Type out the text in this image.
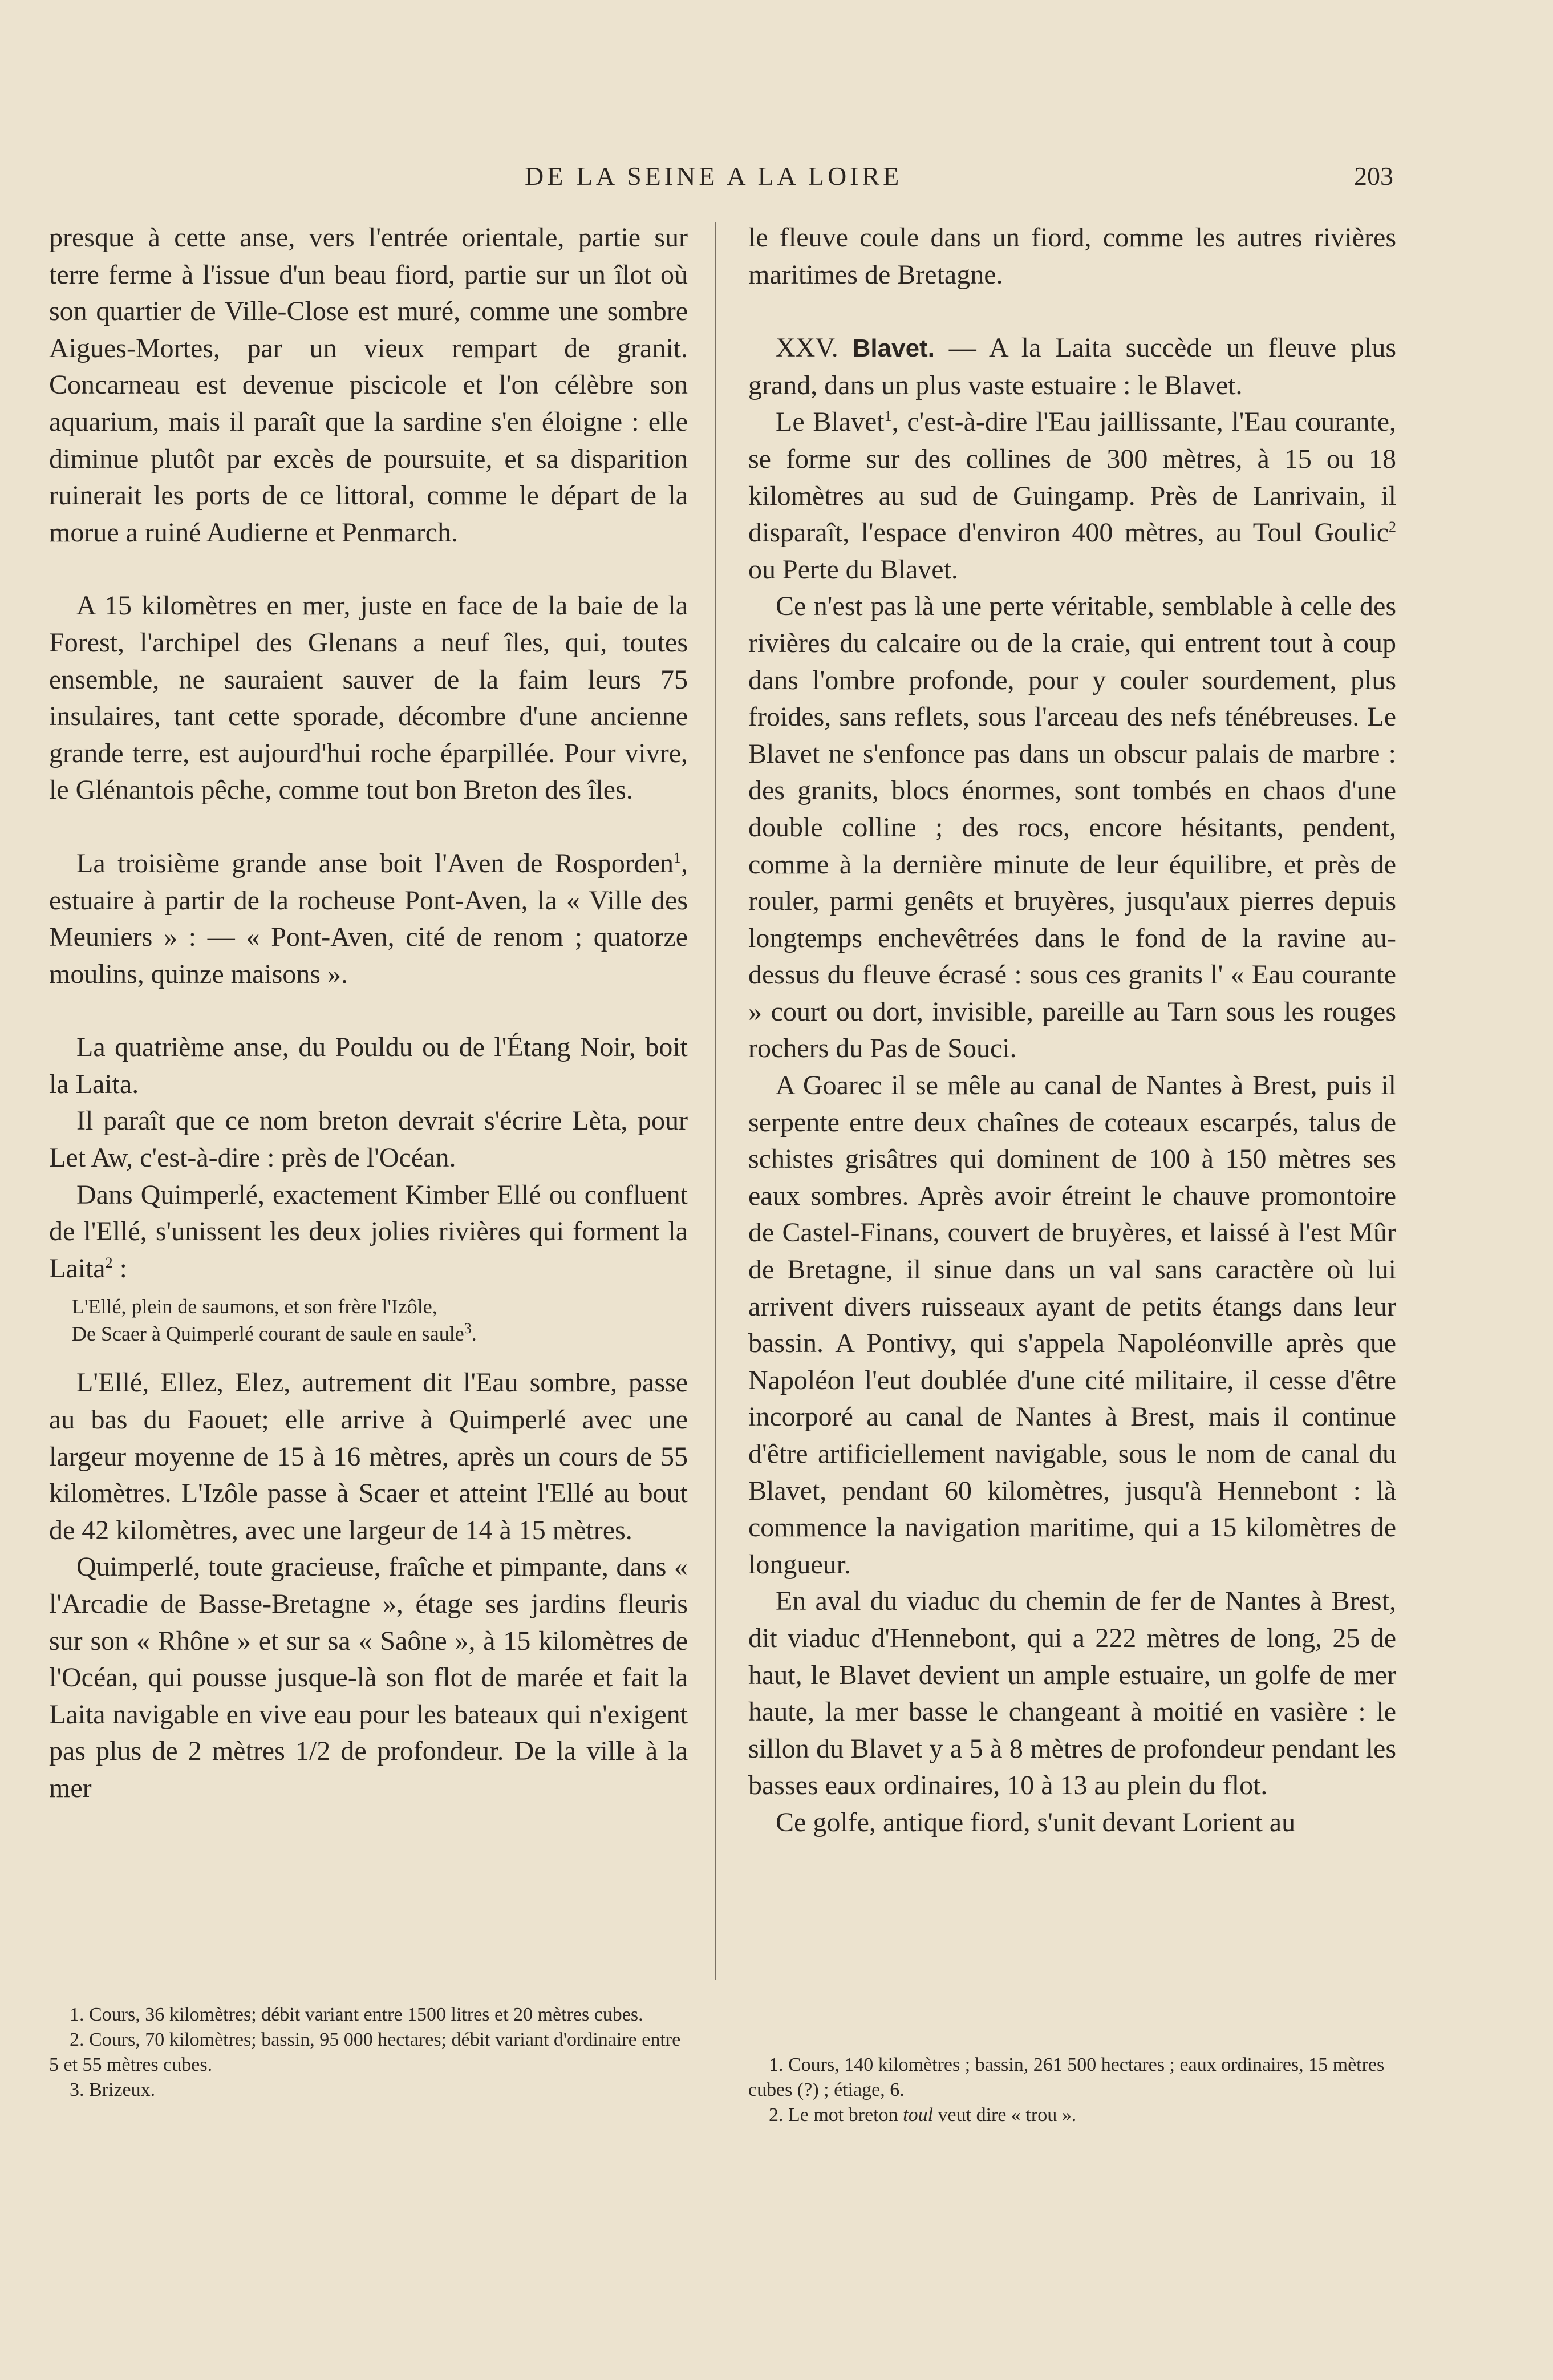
DE LA SEINE A LA LOIRE	203

presque à cette anse, vers l'entrée orientale, partie sur terre ferme à l'issue d'un beau fiord, partie sur un îlot où son quartier de Ville-Close est muré, comme une sombre Aigues-Mortes, par un vieux rempart de granit. Concarneau est devenue piscicole et l'on célèbre son aquarium, mais il paraît que la sardine s'en éloigne : elle diminue plutôt par excès de poursuite, et sa disparition ruinerait les ports de ce littoral, comme le départ de la morue a ruiné Audierne et Penmarch.

A 15 kilomètres en mer, juste en face de la baie de la Forest, l'archipel des Glenans a neuf îles, qui, toutes ensemble, ne sauraient sauver de la faim leurs 75 insulaires, tant cette sporade, décombre d'une ancienne grande terre, est aujourd'hui roche éparpillée. Pour vivre, le Glénantois pêche, comme tout bon Breton des îles.

La troisième grande anse boit l'Aven de Rosporden$^1$, estuaire à partir de la rocheuse Pont-Aven, la « Ville des Meuniers » : — « Pont-Aven, cité de renom ; quatorze moulins, quinze maisons ».

La quatrième anse, du Pouldu ou de l'Étang Noir, boit la Laita.

Il paraît que ce nom breton devrait s'écrire Lèta, pour Let Aw, c'est-à-dire : près de l'Océan.

Dans Quimperlé, exactement Kimber Ellé ou confluent de l'Ellé, s'unissent les deux jolies rivières qui forment la Laita$^2$ :

L'Ellé, plein de saumons, et son frère l'Izôle,
De Scaer à Quimperlé courant de saule en saule$^3$.

L'Ellé, Ellez, Elez, autrement dit l'Eau sombre, passe au bas du Faouet; elle arrive à Quimperlé avec une largeur moyenne de 15 à 16 mètres, après un cours de 55 kilomètres. L'Izôle passe à Scaer et atteint l'Ellé au bout de 42 kilomètres, avec une largeur de 14 à 15 mètres.

Quimperlé, toute gracieuse, fraîche et pimpante, dans « l'Arcadie de Basse-Bretagne », étage ses jardins fleuris sur son « Rhône » et sur sa « Saône », à 15 kilomètres de l'Océan, qui pousse jusque-là son flot de marée et fait la Laita navigable en vive eau pour les bateaux qui n'exigent pas plus de 2 mètres 1/2 de profondeur. De la ville à la mer

1. Cours, 36 kilomètres; débit variant entre 1500 litres et 20 mètres cubes.

2. Cours, 70 kilomètres; bassin, 95 000 hectares; débit variant d'ordinaire entre 5 et 55 mètres cubes.

3. Brizeux.

le fleuve coule dans un fiord, comme les autres rivières maritimes de Bretagne.

XXV. Blavet. — A la Laita succède un fleuve plus grand, dans un plus vaste estuaire : le Blavet.

Le Blavet$^1$, c'est-à-dire l'Eau jaillissante, l'Eau courante, se forme sur des collines de 300 mètres, à 15 ou 18 kilomètres au sud de Guingamp. Près de Lanrivain, il disparaît, l'espace d'environ 400 mètres, au Toul Goulic$^2$ ou Perte du Blavet.

Ce n'est pas là une perte véritable, semblable à celle des rivières du calcaire ou de la craie, qui entrent tout à coup dans l'ombre profonde, pour y couler sourdement, plus froides, sans reflets, sous l'arceau des nefs ténébreuses. Le Blavet ne s'enfonce pas dans un obscur palais de marbre : des granits, blocs énormes, sont tombés en chaos d'une double colline ; des rocs, encore hésitants, pendent, comme à la dernière minute de leur équilibre, et près de rouler, parmi genêts et bruyères, jusqu'aux pierres depuis longtemps enchevêtrées dans le fond de la ravine au-dessus du fleuve écrasé : sous ces granits l' « Eau courante » court ou dort, invisible, pareille au Tarn sous les rouges rochers du Pas de Souci.

A Goarec il se mêle au canal de Nantes à Brest, puis il serpente entre deux chaînes de coteaux escarpés, talus de schistes grisâtres qui dominent de 100 à 150 mètres ses eaux sombres. Après avoir étreint le chauve promontoire de Castel-Finans, couvert de bruyères, et laissé à l'est Mûr de Bretagne, il sinue dans un val sans caractère où lui arrivent divers ruisseaux ayant de petits étangs dans leur bassin. A Pontivy, qui s'appela Napoléonville après que Napoléon l'eut doublée d'une cité militaire, il cesse d'être incorporé au canal de Nantes à Brest, mais il continue d'être artificiellement navigable, sous le nom de canal du Blavet, pendant 60 kilomètres, jusqu'à Hennebont : là commence la navigation maritime, qui a 15 kilomètres de longueur.

En aval du viaduc du chemin de fer de Nantes à Brest, dit viaduc d'Hennebont, qui a 222 mètres de long, 25 de haut, le Blavet devient un ample estuaire, un golfe de mer haute, la mer basse le changeant à moitié en vasière : le sillon du Blavet y a 5 à 8 mètres de profondeur pendant les basses eaux ordinaires, 10 à 13 au plein du flot.

Ce golfe, antique fiord, s'unit devant Lorient au

1. Cours, 140 kilomètres ; bassin, 261 500 hectares ; eaux ordinaires, 15 mètres cubes (?) ; étiage, 6.

2. Le mot breton toul veut dire « trou ».
